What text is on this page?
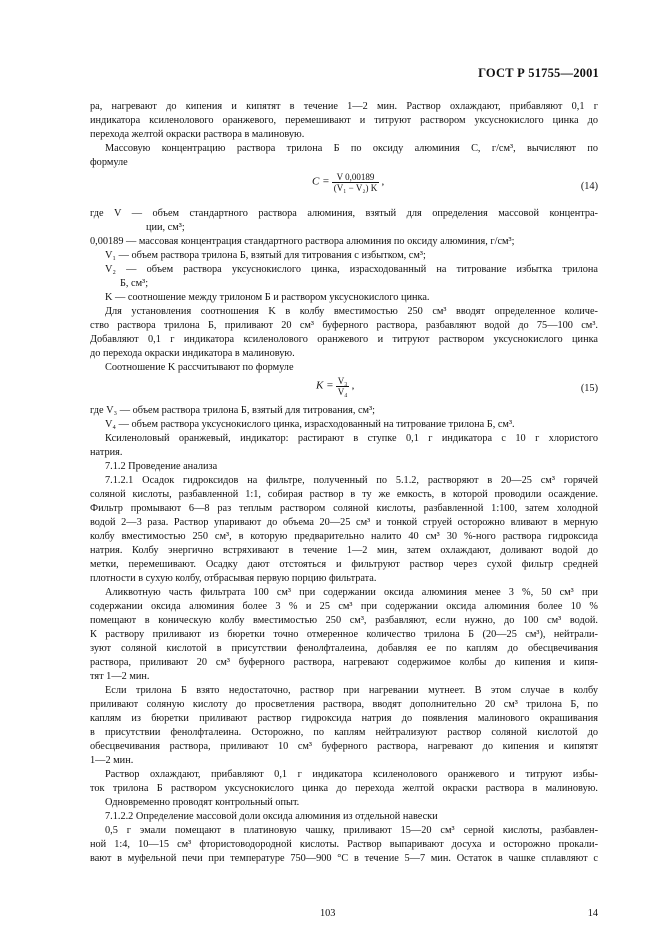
ГОСТ Р 51755—2001
ра, нагревают до кипения и кипятят в течение 1—2 мин. Раствор охлаждают, прибавляют 0,1 г
индикатора ксиленолового оранжевого, перемешивают и титруют раствором уксуснокислого цинка до
перехода желтой окраски раствора в малиновую.
Массовую концентрацию раствора трилона Б по оксиду алюминия C, г/см³, вычисляют по
формуле
$C = \frac{V 0,00189}{\text{(V₁ − V₂) K}}$ ,	(14)
где V — объем стандартного раствора алюминия, взятый для определения массовой концентра-
ции, см³;
0,00189 — массовая концентрация стандартного раствора алюминия по оксиду алюминия, г/см³;
V₁ — объем раствора трилона Б, взятый для титрования с избытком, см³;
V₂ — объем раствора уксуснокислого цинка, израсходованный на титрование избытка трилона
Б, см³;
K — соотношение между трилоном Б и раствором уксуснокислого цинка.
Для установления соотношения K в колбу вместимостью 250 см³ вводят определенное количе-
ство раствора трилона Б, приливают 20 см³ буферного раствора, разбавляют водой до 75—100 см³.
Добавляют 0,1 г индикатора ксиленолового оранжевого и титруют раствором уксуснокислого цинка
до перехода окраски индикатора в малиновую.
Соотношение K рассчитывают по формуле
$K = \frac{\text{V₃}}{\text{V₄}}$ ,	(15)
где V₃ — объем раствора трилона Б, взятый для титрования, см³;
V₄ — объем раствора уксуснокислого цинка, израсходованный на титрование трилона Б, см³.
Ксиленоловый оранжевый, индикатор: растирают в ступке 0,1 г индикатора с 10 г хлористого
натрия.
7.1.2 Проведение анализа
7.1.2.1 Осадок гидроксидов на фильтре, полученный по 5.1.2, растворяют в 20—25 см³ горячей
соляной кислоты, разбавленной 1:1, собирая раствор в ту же емкость, в которой проводили осаждение.
Фильтр промывают 6—8 раз теплым раствором соляной кислоты, разбавленной 1:100, затем холодной
водой 2—3 раза. Раствор упаривают до объема 20—25 см³ и тонкой струей осторожно вливают в мерную
колбу вместимостью 250 см³, в которую предварительно налито 40 см³ 30 %-ного раствора гидроксида
натрия. Колбу энергично встряхивают в течение 1—2 мин, затем охлаждают, доливают водой до
метки, перемешивают. Осадку дают отстояться и фильтруют раствор через сухой фильтр средней
плотности в сухую колбу, отбрасывая первую порцию фильтрата.
Аликвотную часть фильтрата 100 см³ при содержании оксида алюминия менее 3 %, 50 см³ при
содержании оксида алюминия более 3 % и 25 см³ при содержании оксида алюминия более 10 %
помещают в коническую колбу вместимостью 250 см³, разбавляют, если нужно, до 100 см³ водой.
К раствору приливают из бюретки точно отмеренное количество трилона Б (20—25 см³), нейтрали-
зуют соляной кислотой в присутствии фенолфталеина, добавляя ее по каплям до обесцвечивания
раствора, приливают 20 см³ буферного раствора, нагревают содержимое колбы до кипения и кипя-
тят 1—2 мин.
Если трилона Б взято недостаточно, раствор при нагревании мутнеет. В этом случае в колбу
приливают соляную кислоту до просветления раствора, вводят дополнительно 20 см³ трилона Б, по
каплям из бюретки приливают раствор гидроксида натрия до появления малинового окрашивания
в присутствии фенолфталеина. Осторожно, по каплям нейтрализуют раствор соляной кислотой до
обесцвечивания раствора, приливают 10 см³ буферного раствора, нагревают до кипения и кипятят
1—2 мин.
Раствор охлаждают, прибавляют 0,1 г индикатора ксиленолового оранжевого и титруют избы-
ток трилона Б раствором уксуснокислого цинка до перехода желтой окраски раствора в малиновую.
Одновременно проводят контрольный опыт.
7.1.2.2 Определение массовой доли оксида алюминия из отдельной навески
0,5 г эмали помещают в платиновую чашку, приливают 15—20 см³ серной кислоты, разбавлен-
ной 1:4, 10—15 см³ фтористоводородной кислоты. Раствор выпаривают досуха и осторожно прокали-
вают в муфельной печи при температуре 750—900 °C в течение 5—7 мин. Остаток в чашке сплавляют с
103	14
